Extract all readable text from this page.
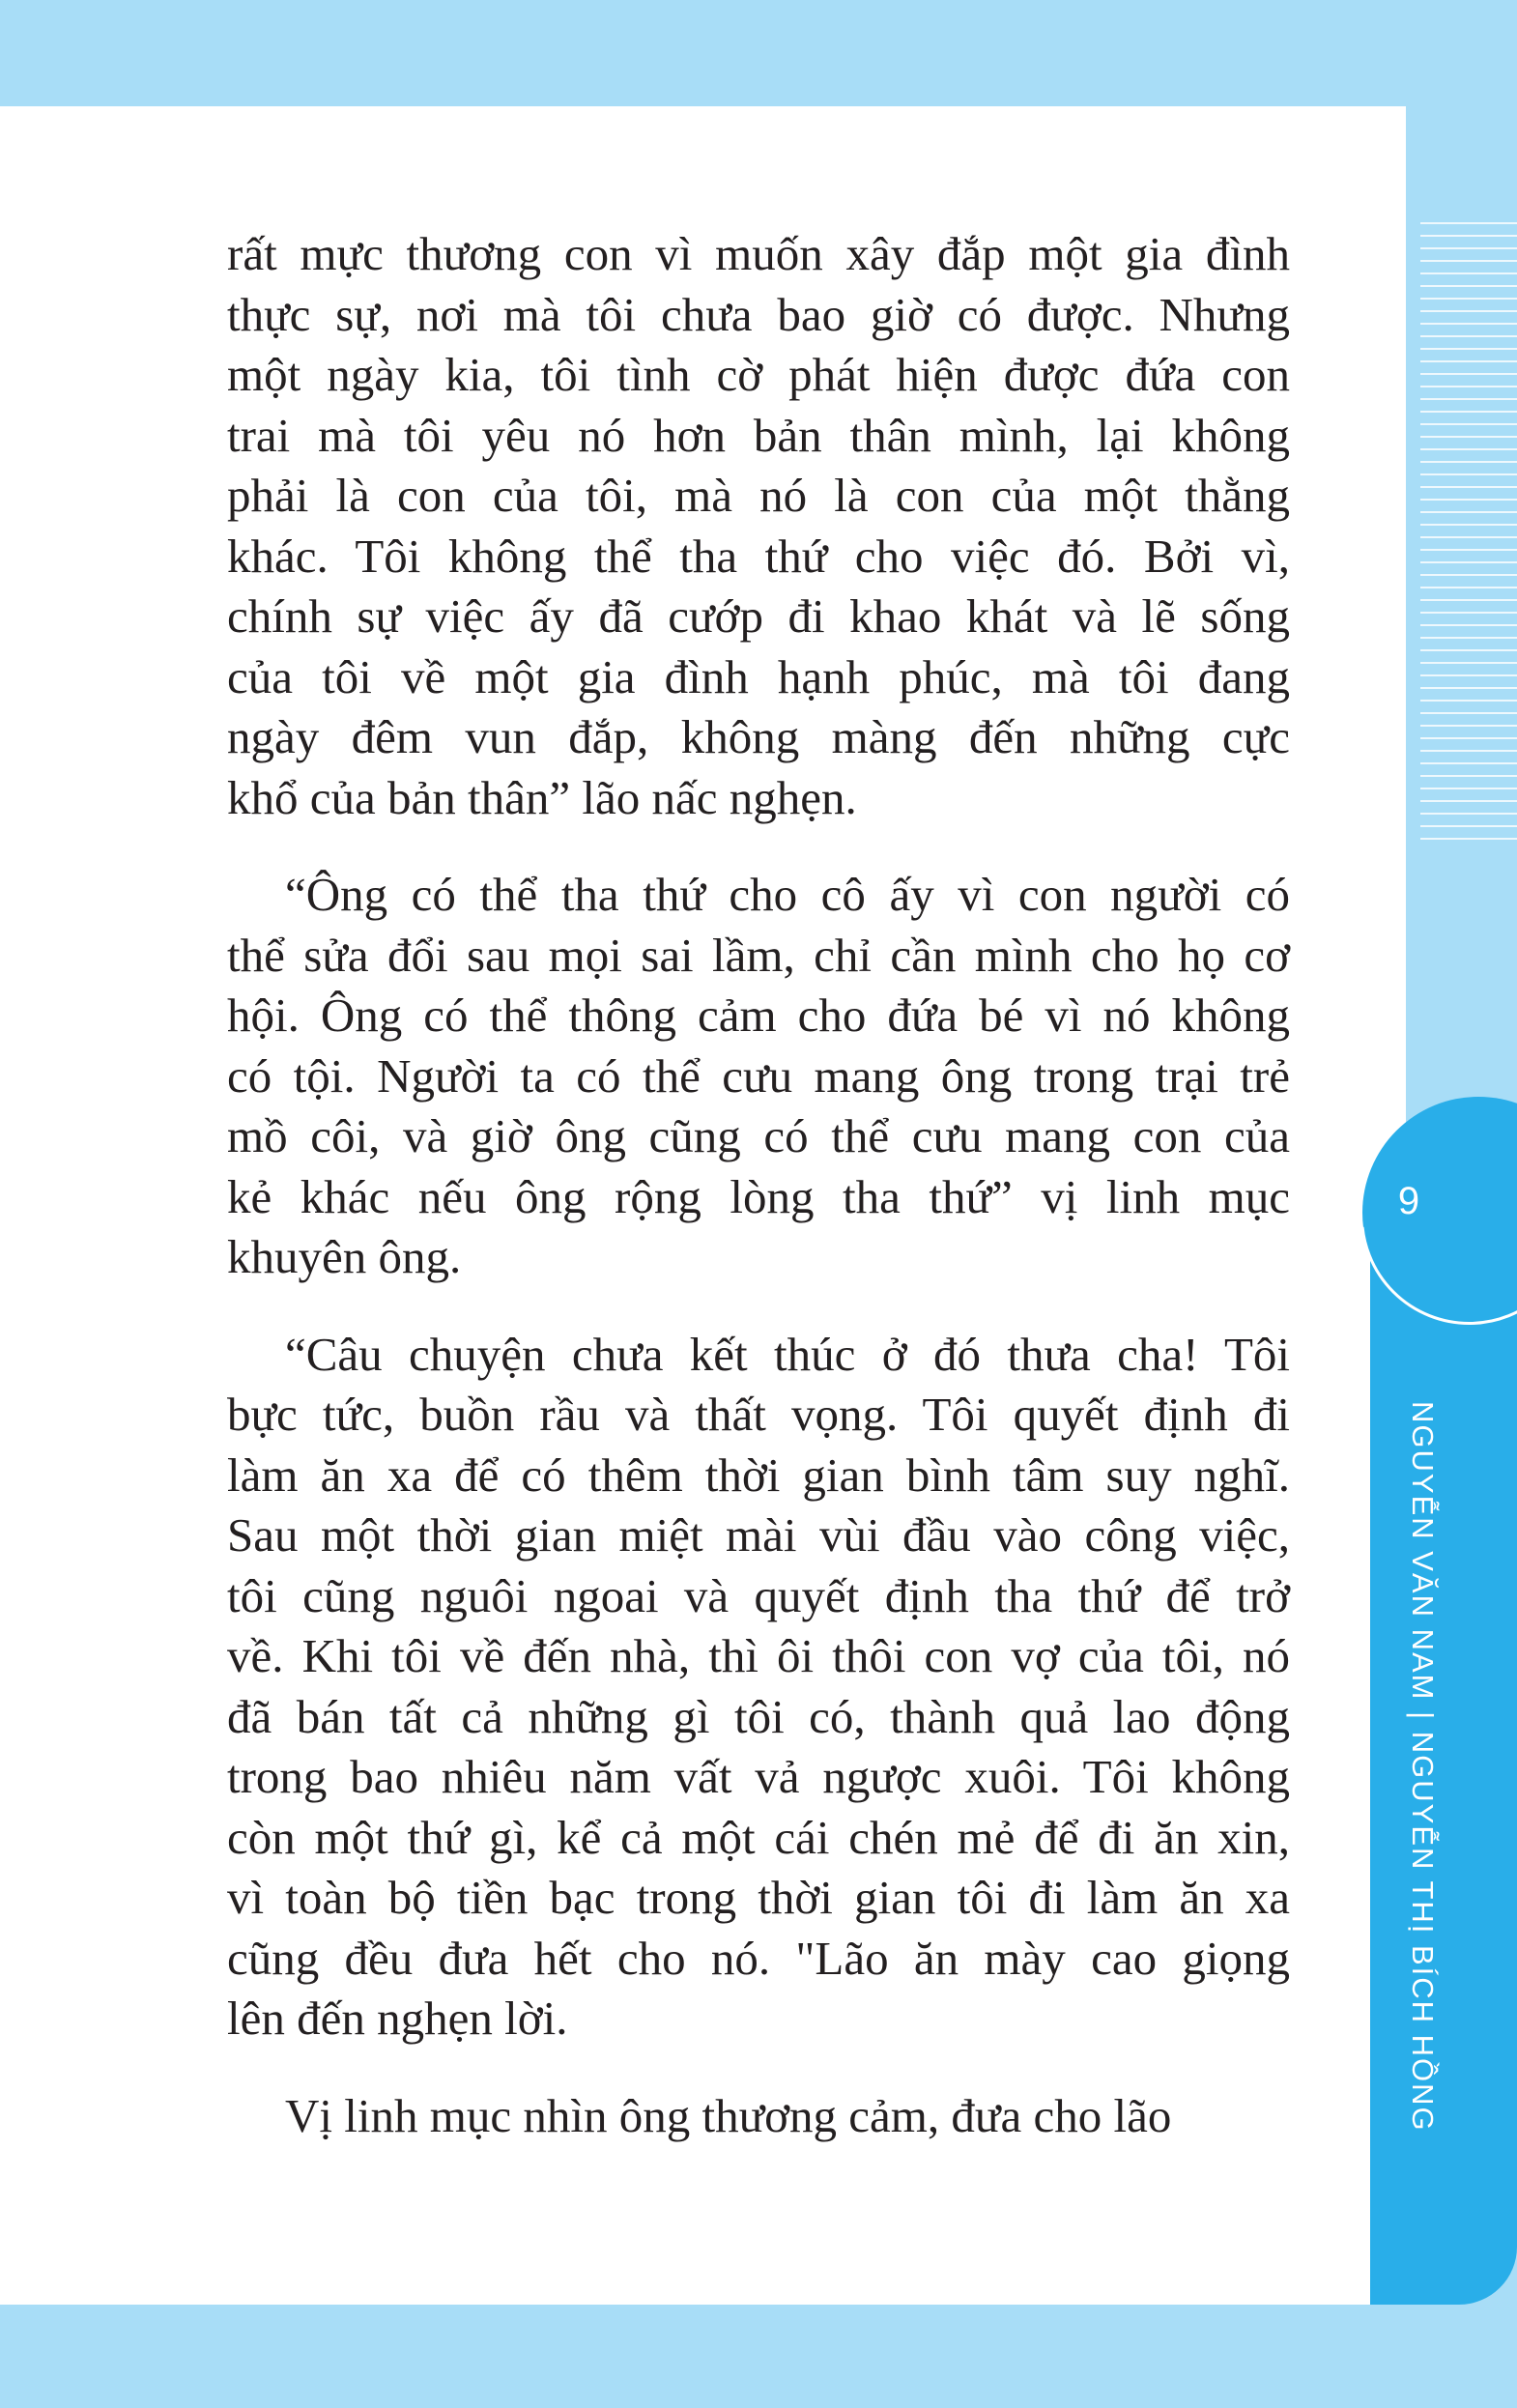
9
NGUYỄN VĂN NAM | NGUYỄN THỊ BÍCH HỒNG

rất mực thương con vì muốn xây đắp một gia đình
thực sự, nơi mà tôi chưa bao giờ có được. Nhưng
một ngày kia, tôi tình cờ phát hiện được đứa con
trai mà tôi yêu nó hơn bản thân mình, lại không
phải là con của tôi, mà nó là con của một thằng
khác. Tôi không thể tha thứ cho việc đó. Bởi vì,
chính sự việc ấy đã cướp đi khao khát và lẽ sống
của tôi về một gia đình hạnh phúc, mà tôi đang
ngày đêm vun đắp, không màng đến những cực
khổ của bản thân” lão nấc nghẹn.

“Ông có thể tha thứ cho cô ấy vì con người có
thể sửa đổi sau mọi sai lầm, chỉ cần mình cho họ cơ
hội. Ông có thể thông cảm cho đứa bé vì nó không
có tội. Người ta có thể cưu mang ông trong trại trẻ
mồ côi, và giờ ông cũng có thể cưu mang con của
kẻ khác nếu ông rộng lòng tha thứ” vị linh mục
khuyên ông.

“Câu chuyện chưa kết thúc ở đó thưa cha! Tôi
bực tức, buồn rầu và thất vọng. Tôi quyết định đi
làm ăn xa để có thêm thời gian bình tâm suy nghĩ.
Sau một thời gian miệt mài vùi đầu vào công việc,
tôi cũng nguôi ngoai và quyết định tha thứ để trở
về. Khi tôi về đến nhà, thì ôi thôi con vợ của tôi, nó
đã bán tất cả những gì tôi có, thành quả lao động
trong bao nhiêu năm vất vả ngược xuôi. Tôi không
còn một thứ gì, kể cả một cái chén mẻ để đi ăn xin,
vì toàn bộ tiền bạc trong thời gian tôi đi làm ăn xa
cũng đều đưa hết cho nó. "Lão ăn mày cao giọng
lên đến nghẹn lời.

Vị linh mục nhìn ông thương cảm, đưa cho lão
